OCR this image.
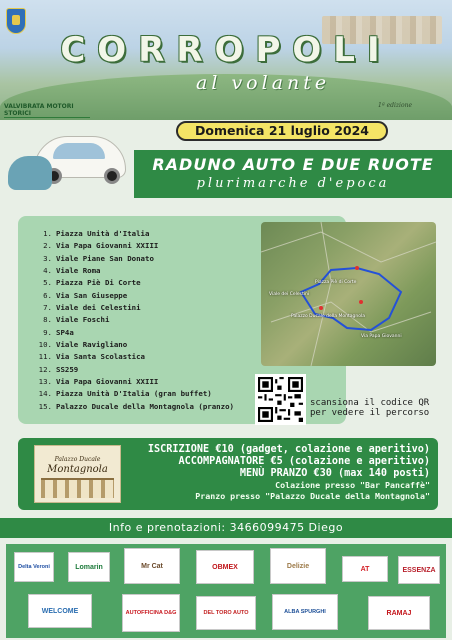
CORROPOLI
al volante
1ª edizione
VALVIBRATA MOTORI STORICI
Domenica 21 luglio 2024
RADUNO AUTO E DUE RUOTE
plurimarche d'epoca
1. Piazza Unità d'Italia
2. Via Papa Giovanni XXIII
3. Viale Piane San Donato
4. Viale Roma
5. Piazza Piè Di Corte
6. Via San Giuseppe
7. Viale dei Celestini
8. Viale Foschi
9. SP4a
10. Viale Ravigliano
11. Via Santa Scolastica
12. SS259
13. Via Papa Giovanni XXIII
14. Piazza Unità D'Italia (gran buffet)
15. Palazzo Ducale della Montagnola (pranzo)
Piazza Piè di Corte
Palazzo Ducale della Montagnola
Viale dei Celestini
Via Papa Giovanni
scansiona il codice QR
per vedere il percorso
Palazzo Ducale
Montagnola
ISCRIZIONE €10 (gadget, colazione e aperitivo)
ACCOMPAGNATORE €5 (colazione e aperitivo)
MENÙ PRANZO €30 (max 140 posti)
Colazione presso "Bar Pancaffè"
Pranzo presso "Palazzo Ducale della Montagnola"
Info e prenotazioni: 3466099475 Diego
Delta Veroni	Lomarin	Mr Cat	OBMEX	Delizie	AT	ESSENZA
WELCOME	AUTOFFICINA D&G	DEL TORO AUTO	ALBA SPURGHI	RAMAJ
